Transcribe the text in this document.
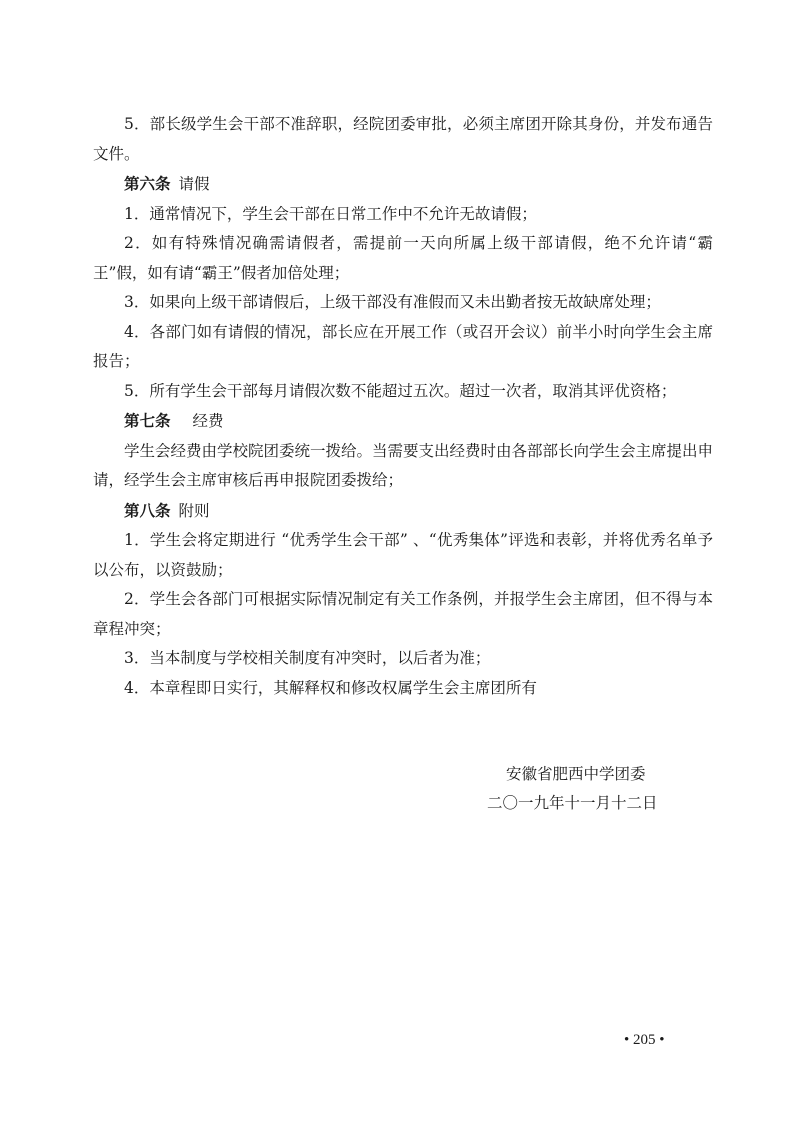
5．部长级学生会干部不准辞职，经院团委审批，必须主席团开除其身份，并发布通告文件。

第六条 请假

1．通常情况下，学生会干部在日常工作中不允许无故请假；

2．如有特殊情况确需请假者，需提前一天向所属上级干部请假，绝不允许请“霸王”假，如有请“霸王”假者加倍处理；

3．如果向上级干部请假后，上级干部没有准假而又未出勤者按无故缺席处理；

4．各部门如有请假的情况，部长应在开展工作（或召开会议）前半小时向学生会主席报告；

5．所有学生会干部每月请假次数不能超过五次。超过一次者，取消其评优资格；

第七条 经费

学生会经费由学校院团委统一拨给。当需要支出经费时由各部部长向学生会主席提出申请，经学生会主席审核后再申报院团委拨给；

第八条 附则

1．学生会将定期进行 “优秀学生会干部” 、“优秀集体”评选和表彰，并将优秀名单予以公布，以资鼓励；

2．学生会各部门可根据实际情况制定有关工作条例，并报学生会主席团，但不得与本章程冲突；

3．当本制度与学校相关制度有冲突时，以后者为准；

4．本章程即日实行，其解释权和修改权属学生会主席团所有

安徽省肥西中学团委
二〇一九年十一月十二日
• 205 •
